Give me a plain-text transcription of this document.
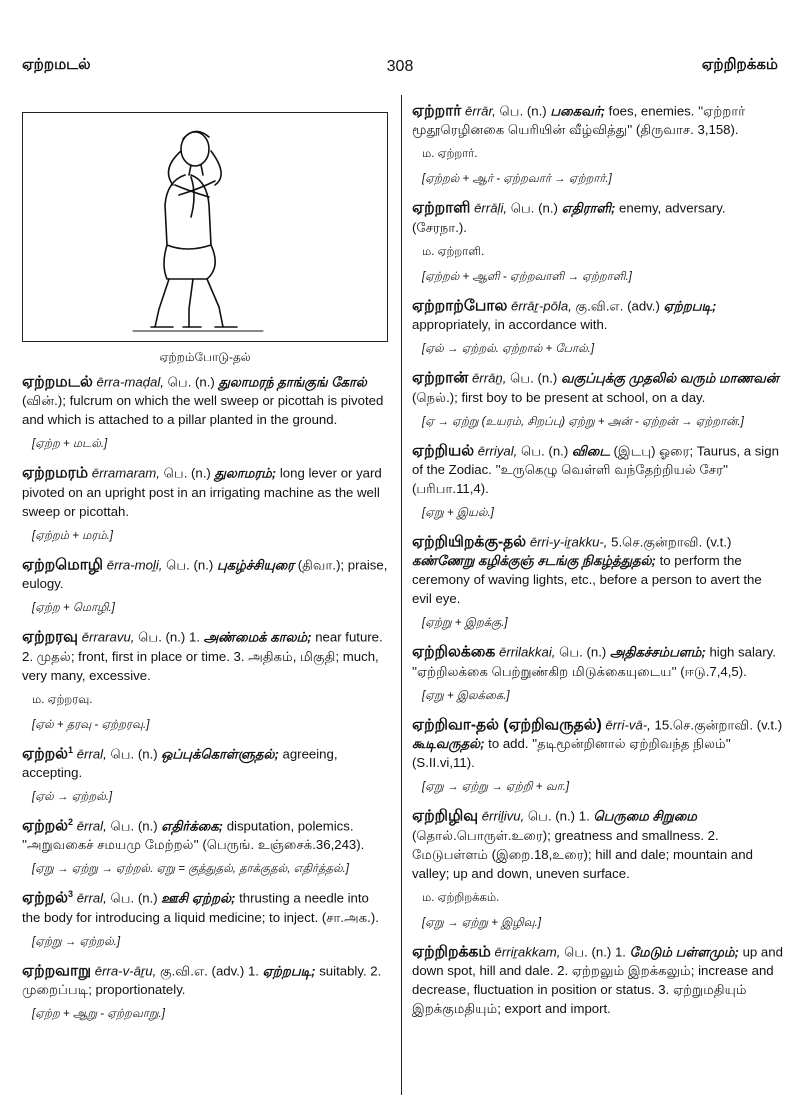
ஏற்றமடல்	308	ஏற்றிறக்கம்
ஏற்றம்போடு-தல்
ஏற்றமடல் ērra-maḍal, பெ. (n.) துலாமரந் தாங்குங் கோல் (வின்.); fulcrum on which the well sweep or picottah is pivoted and which is attached to a pillar planted in the ground.
[ஏற்ற + மடல்.]
ஏற்றமரம் ērramaram, பெ. (n.) துலாமரம்; long lever or yard pivoted on an upright post in an irrigating machine as the well sweep or picottah.
[ஏற்றம் + மரம்.]
ஏற்றமொழி ērra-moḻi, பெ. (n.) புகழ்ச்சியுரை (திவா.); praise, eulogy.
[ஏற்ற + மொழி.]
ஏற்றரவு ērraravu, பெ. (n.) 1. அண்மைக் காலம்; near future. 2. முதல்; front, first in place or time. 3. அதிகம், மிகுதி; much, very many, excessive.
ம. ஏற்றரவு.
[ஏல் + தரவு - ஏற்றரவு.]
ஏற்றல்$^1$ ērral, பெ. (n.) ஒப்புக்கொள்ளுதல்; agreeing, accepting.
[ஏல் → ஏற்றல்.]
ஏற்றல்$^2$ ērral, பெ. (n.) எதிர்க்கை; disputation, polemics. ''அறுவகைச் சமயமு மேற்றல்'' (பெருங். உஞ்சைக்.36,243).
[ஏறு → ஏற்று → ஏற்றல். ஏறு = குத்துதல், தாக்குதல், எதிர்த்தல்.]
ஏற்றல்$^3$ ērral, பெ. (n.) ஊசி ஏற்றல்; thrusting a needle into the body for introducing a liquid medicine; to inject. (சா.அக.).
[ஏற்று → ஏற்றல்.]
ஏற்றவாறு ērra-v-āṟu, கு.வி.எ. (adv.) 1. ஏற்றபடி; suitably. 2. முறைப்படி; proportionately.
[ஏற்ற + ஆறு - ஏற்றவாறு.]
ஏற்றார் ērrār, பெ. (n.) பகைவர்; foes, enemies. ''ஏற்றார் மூதூரெழினகை யெரியின் வீழ்வித்து'' (திருவாச. 3,158).
ம. ஏற்றார்.
[ஏற்றல் + ஆர் - ஏற்றவார் → ஏற்றார்.]
ஏற்றாளி ērrāḷi, பெ. (n.) எதிராளி; enemy, adversary. (சேரநா.).
ம. ஏற்றாளி.
[ஏற்றல் + ஆளி - ஏற்றவாளி → ஏற்றாளி.]
ஏற்றாற்போல ērrāṟ-pōla, கு.வி.எ. (adv.) ஏற்றபடி; appropriately, in accordance with.
[ஏல் → ஏற்றல். ஏற்றால் + போல்.]
ஏற்றான் ērrāṉ, பெ. (n.) வகுப்புக்கு முதலில் வரும் மாணவன் (நெல்.); first boy to be present at school, on a day.
[ஏ → ஏற்று (உயரம், சிறப்பு) ஏற்று + அன் - ஏற்றன் → ஏற்றான்.]
ஏற்றியல் ērriyal, பெ. (n.) விடை (இடபு) ஓரை; Taurus, a sign of the Zodiac. ''உருகெழு வெள்ளி வந்தேற்றியல் சேர'' (பரிபா.11,4).
[ஏறு + இயல்.]
ஏற்றியிறக்கு-தல் ērri-y-iṟakku-, 5.செ.குன்றாவி. (v.t.) கண்ணேறு கழிக்குஞ் சடங்கு நிகழ்த்துதல்; to perform the ceremony of waving lights, etc., before a person to avert the evil eye.
[ஏற்று + இறக்கு.]
ஏற்றிலக்கை ērrilakkai, பெ. (n.) அதிகச்சம்பளம்; high salary. ''ஏற்றிலக்கை பெற்றுண்கிற மிடுக்கையுடைய'' (ஈடு.7,4,5).
[ஏறு + இலக்கை.]
ஏற்றிவா-தல் (ஏற்றிவருதல்) ērri-vā-, 15.செ.குன்றாவி. (v.t.) கூடிவருதல்; to add. ''தடிமூன்றினால் ஏற்றிவந்த நிலம்'' (S.II.vi,11).
[ஏறு → ஏற்று → ஏற்றி + வா.]
ஏற்றிழிவு ērriḻivu, பெ. (n.) 1. பெருமை சிறுமை (தொல்.பொருள்.உரை); greatness and smallness. 2. மேடுபள்ளம் (இறை.18,உரை); hill and dale; mountain and valley; up and down, uneven surface.
ம. ஏற்றிறக்கம்.
[ஏறு → ஏற்று + இழிவு.]
ஏற்றிறக்கம் ērriṟakkam, பெ. (n.) 1. மேடும் பள்ளமும்; up and down spot, hill and dale. 2. ஏற்றலும் இறக்கலும்; increase and decrease, fluctuation in position or status. 3. ஏற்றுமதியும் இறக்குமதியும்; export and import.
